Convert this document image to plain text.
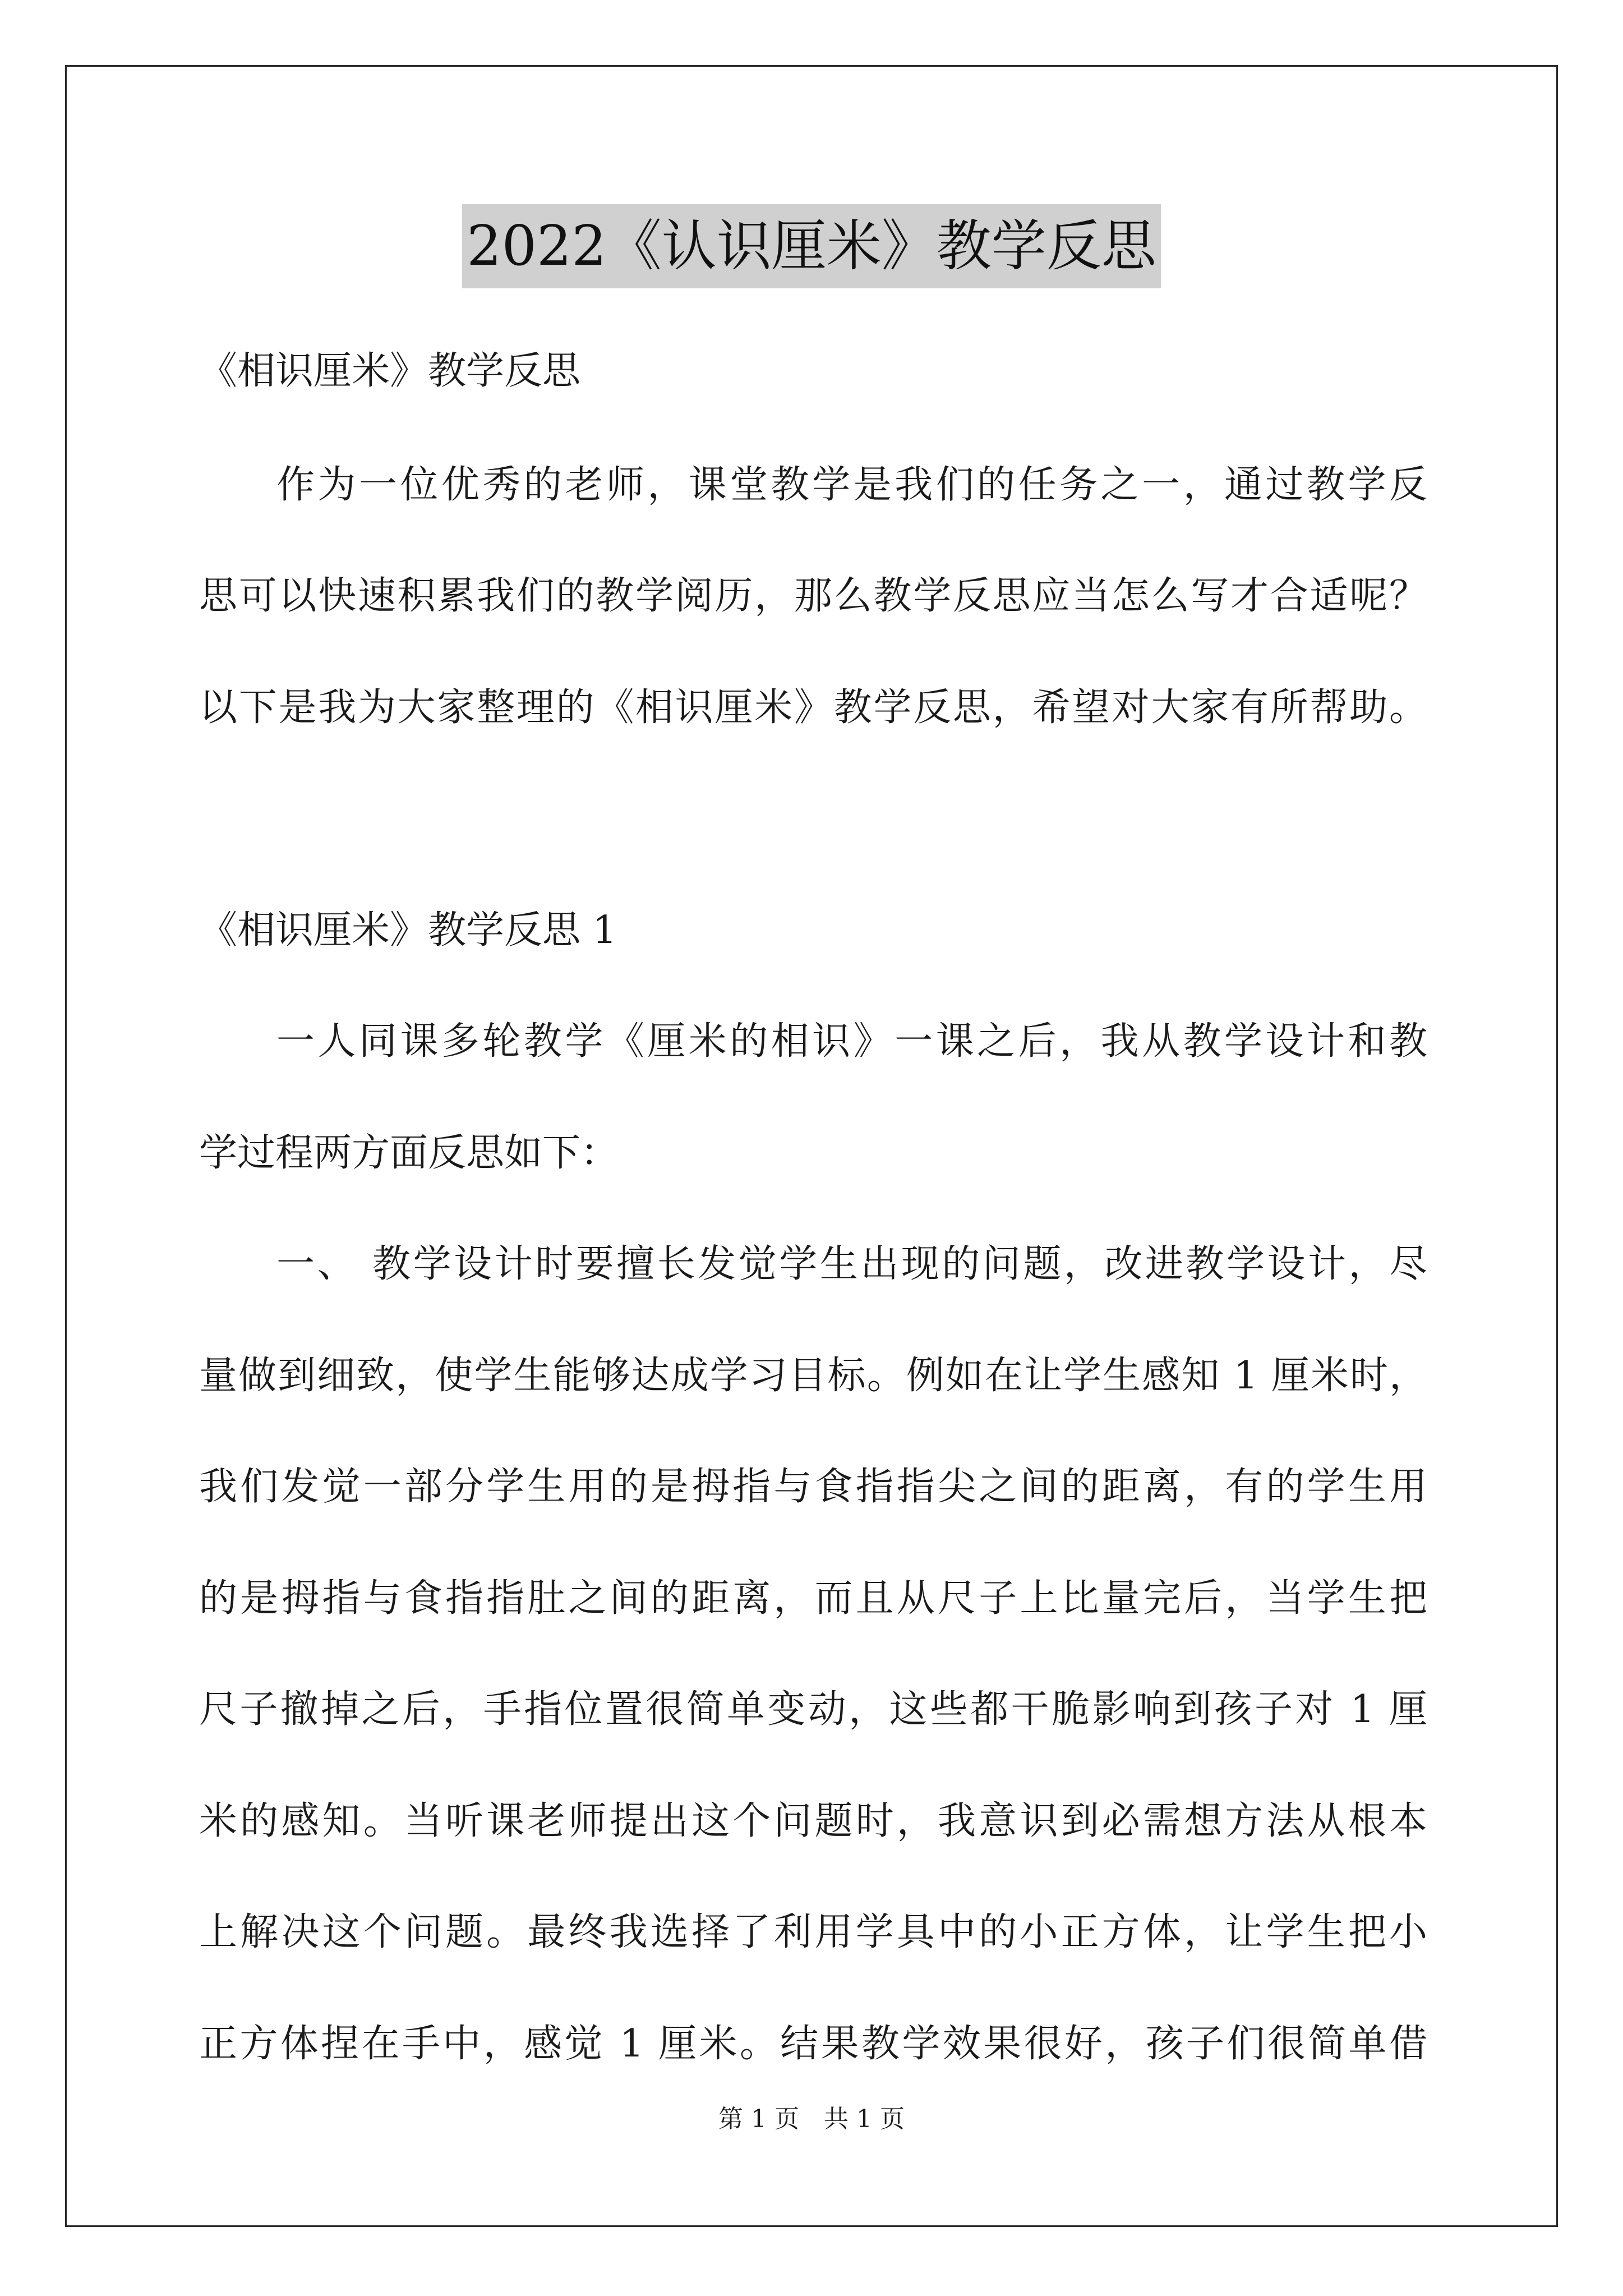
2022《认识厘米》教学反思
《相识厘米》教学反思
作为一位优秀的老师，课堂教学是我们的任务之一，通过教学反
思可以快速积累我们的教学阅历，那么教学反思应当怎么写才合适呢？
以下是我为大家整理的《相识厘米》教学反思，希望对大家有所帮助。
《相识厘米》教学反思 1
一人同课多轮教学《厘米的相识》一课之后，我从教学设计和教
学过程两方面反思如下：
一、 教学设计时要擅长发觉学生出现的问题，改进教学设计，尽
量做到细致，使学生能够达成学习目标。例如在让学生感知 1 厘米时，
我们发觉一部分学生用的是拇指与食指指尖之间的距离，有的学生用
的是拇指与食指指肚之间的距离，而且从尺子上比量完后，当学生把
尺子撤掉之后，手指位置很简单变动，这些都干脆影响到孩子对 1 厘
米的感知。当听课老师提出这个问题时，我意识到必需想方法从根本
上解决这个问题。最终我选择了利用学具中的小正方体，让学生把小
正方体捏在手中，感觉 1 厘米。结果教学效果很好，孩子们很简单借
第 1 页　共 1 页
